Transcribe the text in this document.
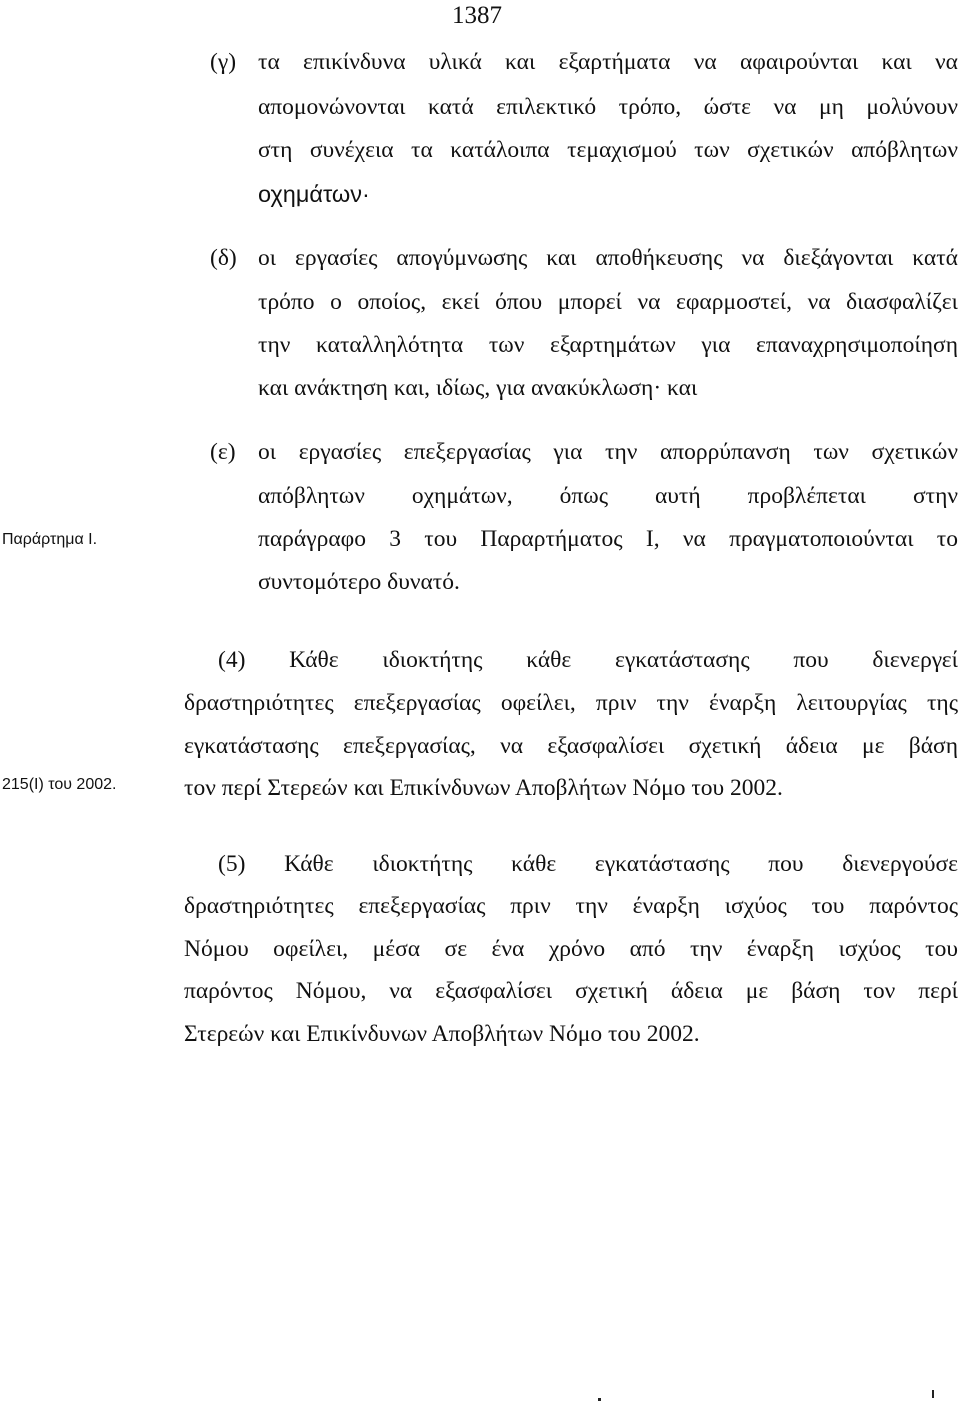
1387
(γ) τα επικίνδυνα υλικά και εξαρτήματα να αφαιρούνται και να
απομονώνονται κατά επιλεκτικό τρόπο, ώστε να μη μολύνουν
στη συνέχεια τα κατάλοιπα τεμαχισμού των σχετικών απόβλητων
οχημάτων·
(δ) οι εργασίες απογύμνωσης και αποθήκευσης να διεξάγονται κατά
τρόπο ο οποίος, εκεί όπου μπορεί να εφαρμοστεί, να διασφαλίζει
την καταλληλότητα των εξαρτημάτων για επαναχρησιμοποίηση
και ανάκτηση και, ιδίως, για ανακύκλωση· και
(ε) οι εργασίες επεξεργασίας για την απορρύπανση των σχετικών
απόβλητων οχημάτων, όπως αυτή προβλέπεται στην
παράγραφο 3 του Παραρτήματος Ι, να πραγματοποιούνται το
συντομότερο δυνατό.
Παράρτημα Ι.
(4) Κάθε ιδιοκτήτης κάθε εγκατάστασης που διενεργεί
δραστηριότητες επεξεργασίας οφείλει, πριν την έναρξη λειτουργίας της
εγκατάστασης επεξεργασίας, να εξασφαλίσει σχετική άδεια με βάση
τον περί Στερεών και Επικίνδυνων Αποβλήτων Νόμο του 2002.
215(Ι) του 2002.
(5) Κάθε ιδιοκτήτης κάθε εγκατάστασης που διενεργούσε
δραστηριότητες επεξεργασίας πριν την έναρξη ισχύος του παρόντος
Νόμου οφείλει, μέσα σε ένα χρόνο από την έναρξη ισχύος του
παρόντος Νόμου, να εξασφαλίσει σχετική άδεια με βάση τον περί
Στερεών και Επικίνδυνων Αποβλήτων Νόμο του 2002.
